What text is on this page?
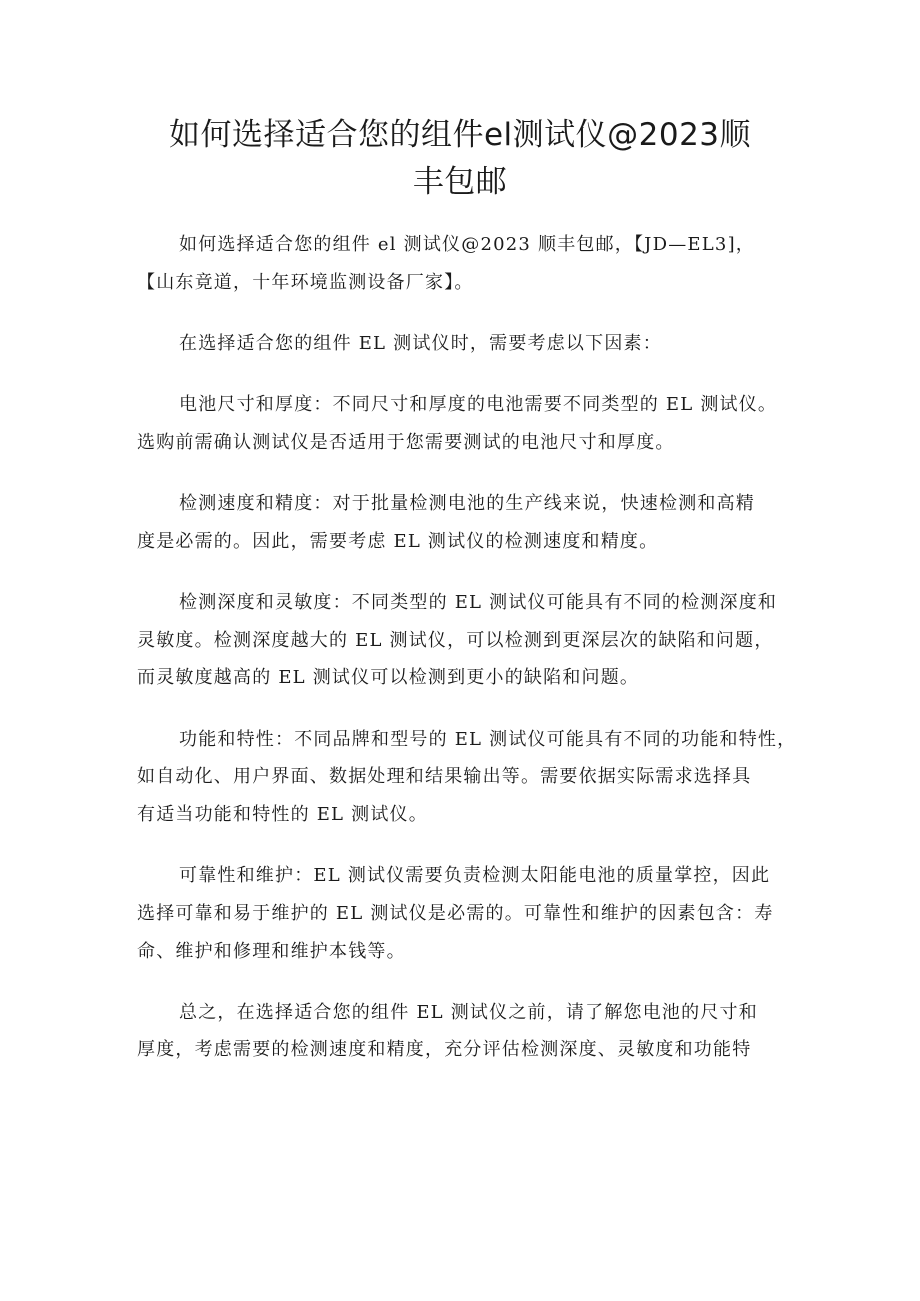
如何选择适合您的组件el测试仪@2023顺
丰包邮

如何选择适合您的组件 el 测试仪@2023 顺丰包邮，【JD—EL3]，
【山东竟道，十年环境监测设备厂家】。

在选择适合您的组件 EL 测试仪时，需要考虑以下因素：

电池尺寸和厚度：不同尺寸和厚度的电池需要不同类型的 EL 测试仪。
选购前需确认测试仪是否适用于您需要测试的电池尺寸和厚度。

检测速度和精度：对于批量检测电池的生产线来说，快速检测和高精
度是必需的。因此，需要考虑 EL 测试仪的检测速度和精度。

检测深度和灵敏度：不同类型的 EL 测试仪可能具有不同的检测深度和
灵敏度。检测深度越大的 EL 测试仪，可以检测到更深层次的缺陷和问题，
而灵敏度越高的 EL 测试仪可以检测到更小的缺陷和问题。

功能和特性：不同品牌和型号的 EL 测试仪可能具有不同的功能和特性，
如自动化、用户界面、数据处理和结果输出等。需要依据实际需求选择具
有适当功能和特性的 EL 测试仪。

可靠性和维护：EL 测试仪需要负责检测太阳能电池的质量掌控，因此
选择可靠和易于维护的 EL 测试仪是必需的。可靠性和维护的因素包含：寿
命、维护和修理和维护本钱等。

总之，在选择适合您的组件 EL 测试仪之前，请了解您电池的尺寸和
厚度，考虑需要的检测速度和精度，充分评估检测深度、灵敏度和功能特
